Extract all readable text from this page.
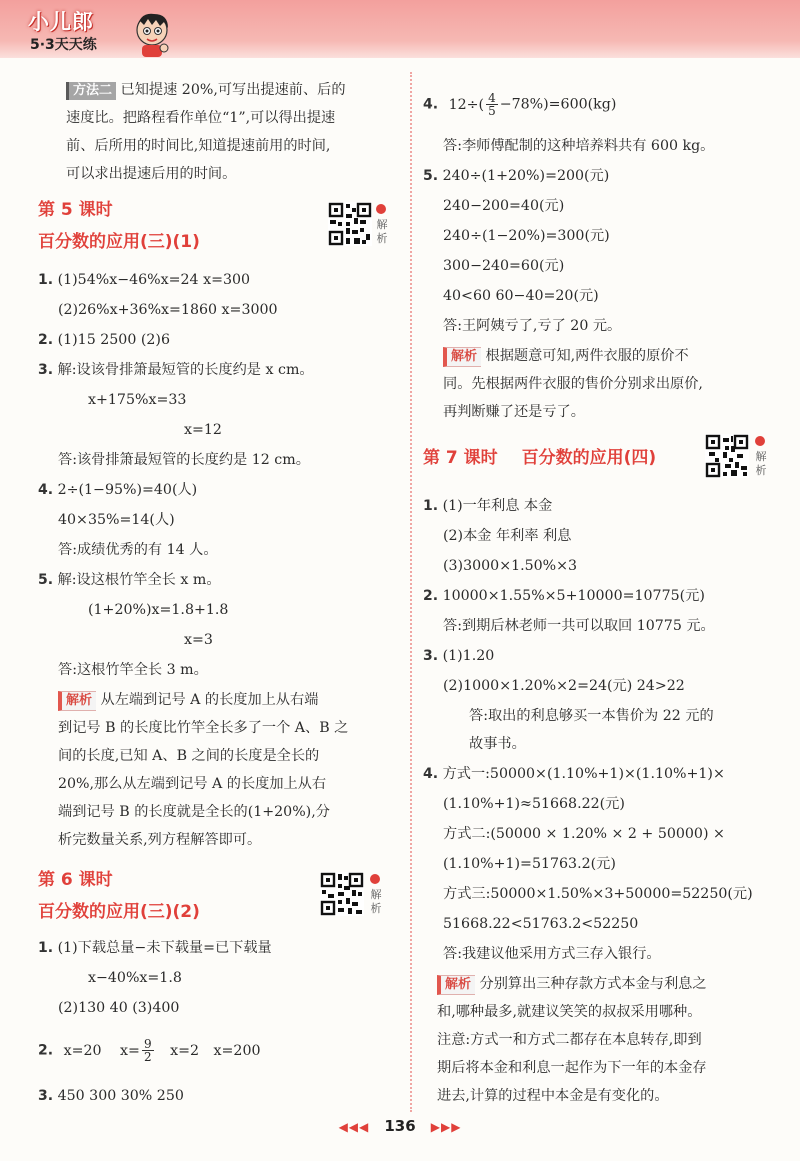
小儿郎
5·3天天练
方法二 已知提速 20%,可写出提速前、后的
速度比。把路程看作单位“1”,可以得出提速
前、后所用的时间比,知道提速前用的时间,
可以求出提速后用的时间。
第 5 课时
百分数的应用(三)(1)
解析
1. (1)54%x−46%x=24 x=300
(2)26%x+36%x=1860 x=3000
2. (1)15 2500 (2)6
3. 解:设该骨排箫最短管的长度约是 x cm。
x+175%x=33
x=12
答:该骨排箫最短管的长度约是 12 cm。
4. 2÷(1−95%)=40(人)
40×35%=14(人)
答:成绩优秀的有 14 人。
5. 解:设这根竹竿全长 x m。
(1+20%)x=1.8+1.8
x=3
答:这根竹竿全长 3 m。
解析 从左端到记号 A 的长度加上从右端
到记号 B 的长度比竹竿全长多了一个 A、B 之
间的长度,已知 A、B 之间的长度是全长的
20%,那么从左端到记号 A 的长度加上从右
端到记号 B 的长度就是全长的(1+20%),分
析完数量关系,列方程解答即可。
第 6 课时
百分数的应用(三)(2)
解析
1. (1)下载总量−未下载量=已下载量
x−40%x=1.8
(2)130 40 (3)400
2. x=20 $x= \frac{9}{2} x=2$ x=200
3. 450 300 30% 250
4. $12\div( \frac{4}{5} -78\%)=600(kg)$
答:李师傅配制的这种培养料共有 600 kg。
5. 240÷(1+20%)=200(元)
240−200=40(元)
240÷(1−20%)=300(元)
300−240=60(元)
40<60 60−40=20(元)
答:王阿姨亏了,亏了 20 元。
解析 根据题意可知,两件衣服的原价不
同。先根据两件衣服的售价分别求出原价,
再判断赚了还是亏了。
第 7 课时 百分数的应用(四)	解析
1. (1)一年利息 本金
(2)本金 年利率 利息
(3)3000×1.50%×3
2. 10000×1.55%×5+10000=10775(元)
答:到期后林老师一共可以取回 10775 元。
3. (1)1.20
(2)1000×1.20%×2=24(元) 24>22
答:取出的利息够买一本售价为 22 元的
故事书。
4. 方式一:50000×(1.10%+1)×(1.10%+1)×
(1.10%+1)≈51668.22(元)
方式二:(50000 × 1.20% × 2 + 50000) ×
(1.10%+1)=51763.2(元)
方式三:50000×1.50%×3+50000=52250(元)
51668.22<51763.2<52250
答:我建议他采用方式三存入银行。
解析 分别算出三种存款方式本金与利息之
和,哪种最多,就建议笑笑的叔叔采用哪种。
注意:方式一和方式二都存在本息转存,即到
期后将本金和利息一起作为下一年的本金存
进去,计算的过程中本金是有变化的。
◀◀◀ 136 ▶▶▶
